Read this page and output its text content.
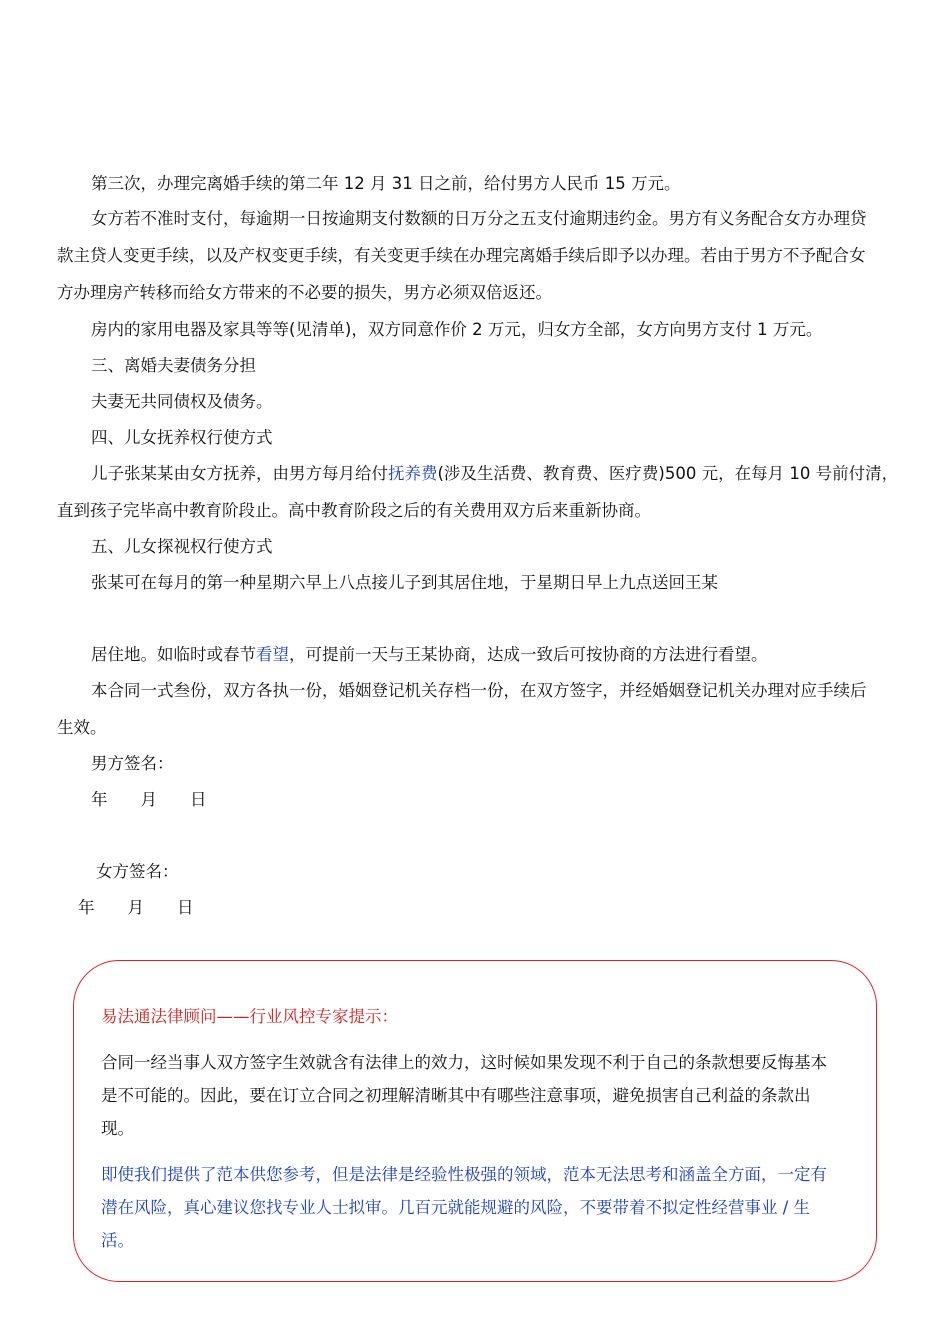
第三次，办理完离婚手续的第二年 12 月 31 日之前，给付男方人民币 15 万元。
女方若不准时支付，每逾期一日按逾期支付数额的日万分之五支付逾期违约金。男方有义务配合女方办理贷
款主贷人变更手续，以及产权变更手续，有关变更手续在办理完离婚手续后即予以办理。若由于男方不予配合女
方办理房产转移而给女方带来的不必要的损失，男方必须双倍返还。
房内的家用电器及家具等等(见清单)，双方同意作价 2 万元，归女方全部，女方向男方支付 1 万元。
三、离婚夫妻债务分担
夫妻无共同债权及债务。
四、儿女抚养权行使方式
儿子张某某由女方抚养，由男方每月给付抚养费(涉及生活费、教育费、医疗费)500 元，在每月 10 号前付清，
直到孩子完毕高中教育阶段止。高中教育阶段之后的有关费用双方后来重新协商。
五、儿女探视权行使方式
张某可在每月的第一种星期六早上八点接儿子到其居住地，于星期日早上九点送回王某
居住地。如临时或春节看望，可提前一天与王某协商，达成一致后可按协商的方法进行看望。
本合同一式叁份，双方各执一份，婚姻登记机关存档一份，在双方签字，并经婚姻登记机关办理对应手续后
生效。
男方签名：
年　　月　　日
女方签名：
年　　月　　日
易法通法律顾问——行业风控专家提示：
合同一经当事人双方签字生效就含有法律上的效力，这时候如果发现不利于自己的条款想要反悔基本
是不可能的。因此，要在订立合同之初理解清晰其中有哪些注意事项，避免损害自己利益的条款出
现。
即使我们提供了范本供您参考，但是法律是经验性极强的领域，范本无法思考和涵盖全方面，一定有
潜在风险，真心建议您找专业人士拟审。几百元就能规避的风险，不要带着不拟定性经营事业 / 生
活。
